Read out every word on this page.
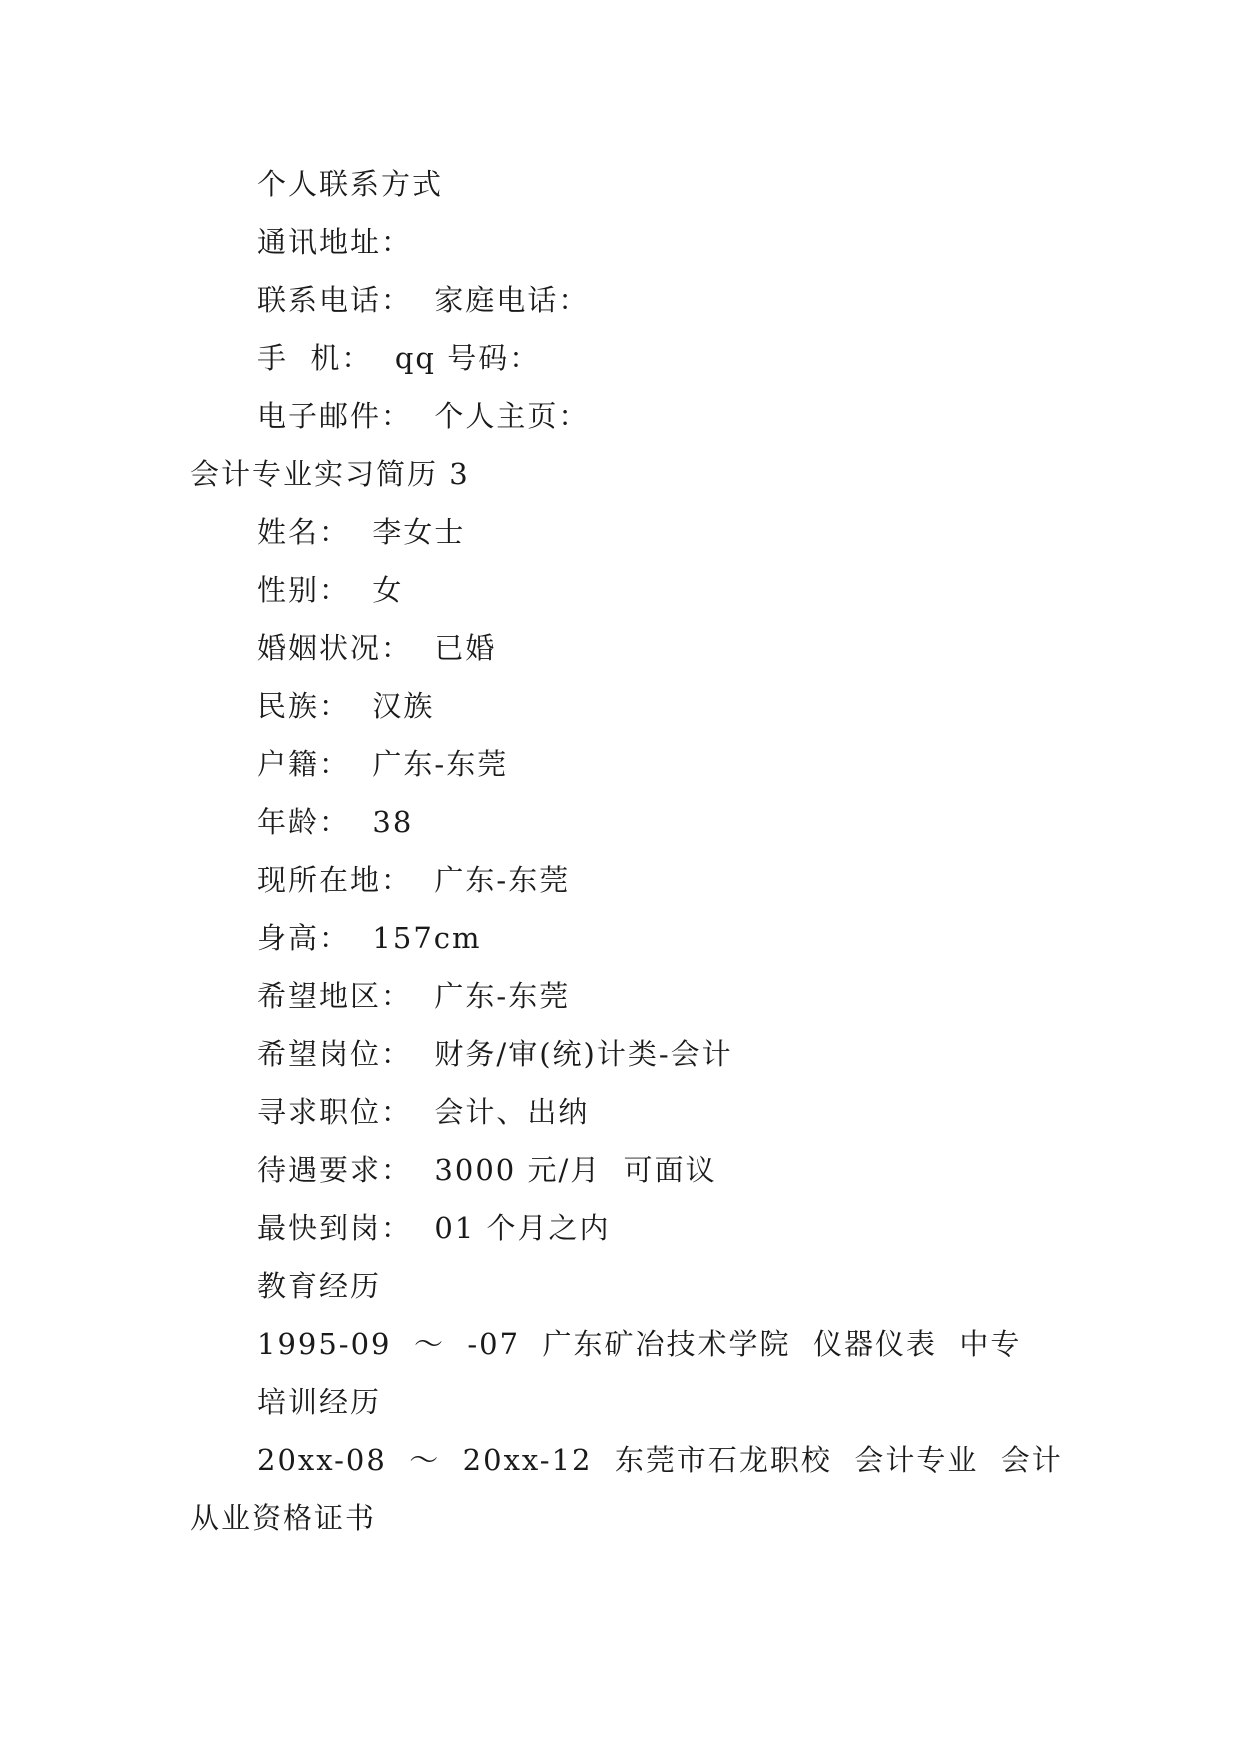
个人联系方式
通讯地址：
联系电话：  家庭电话：
手  机：  qq 号码：
电子邮件：  个人主页：
会计专业实习简历 3
姓名：  李女士
性别：  女
婚姻状况：  已婚
民族：  汉族
户籍：  广东-东莞
年龄：  38
现所在地：  广东-东莞
身高：  157cm
希望地区：  广东-东莞
希望岗位：  财务/审(统)计类-会计
寻求职位：  会计、出纳
待遇要求：  3000 元/月  可面议
最快到岗：  01 个月之内
教育经历
1995-09  ～  -07  广东矿冶技术学院  仪器仪表  中专
培训经历
20xx-08  ～  20xx-12  东莞市石龙职校  会计专业  会计
从业资格证书
